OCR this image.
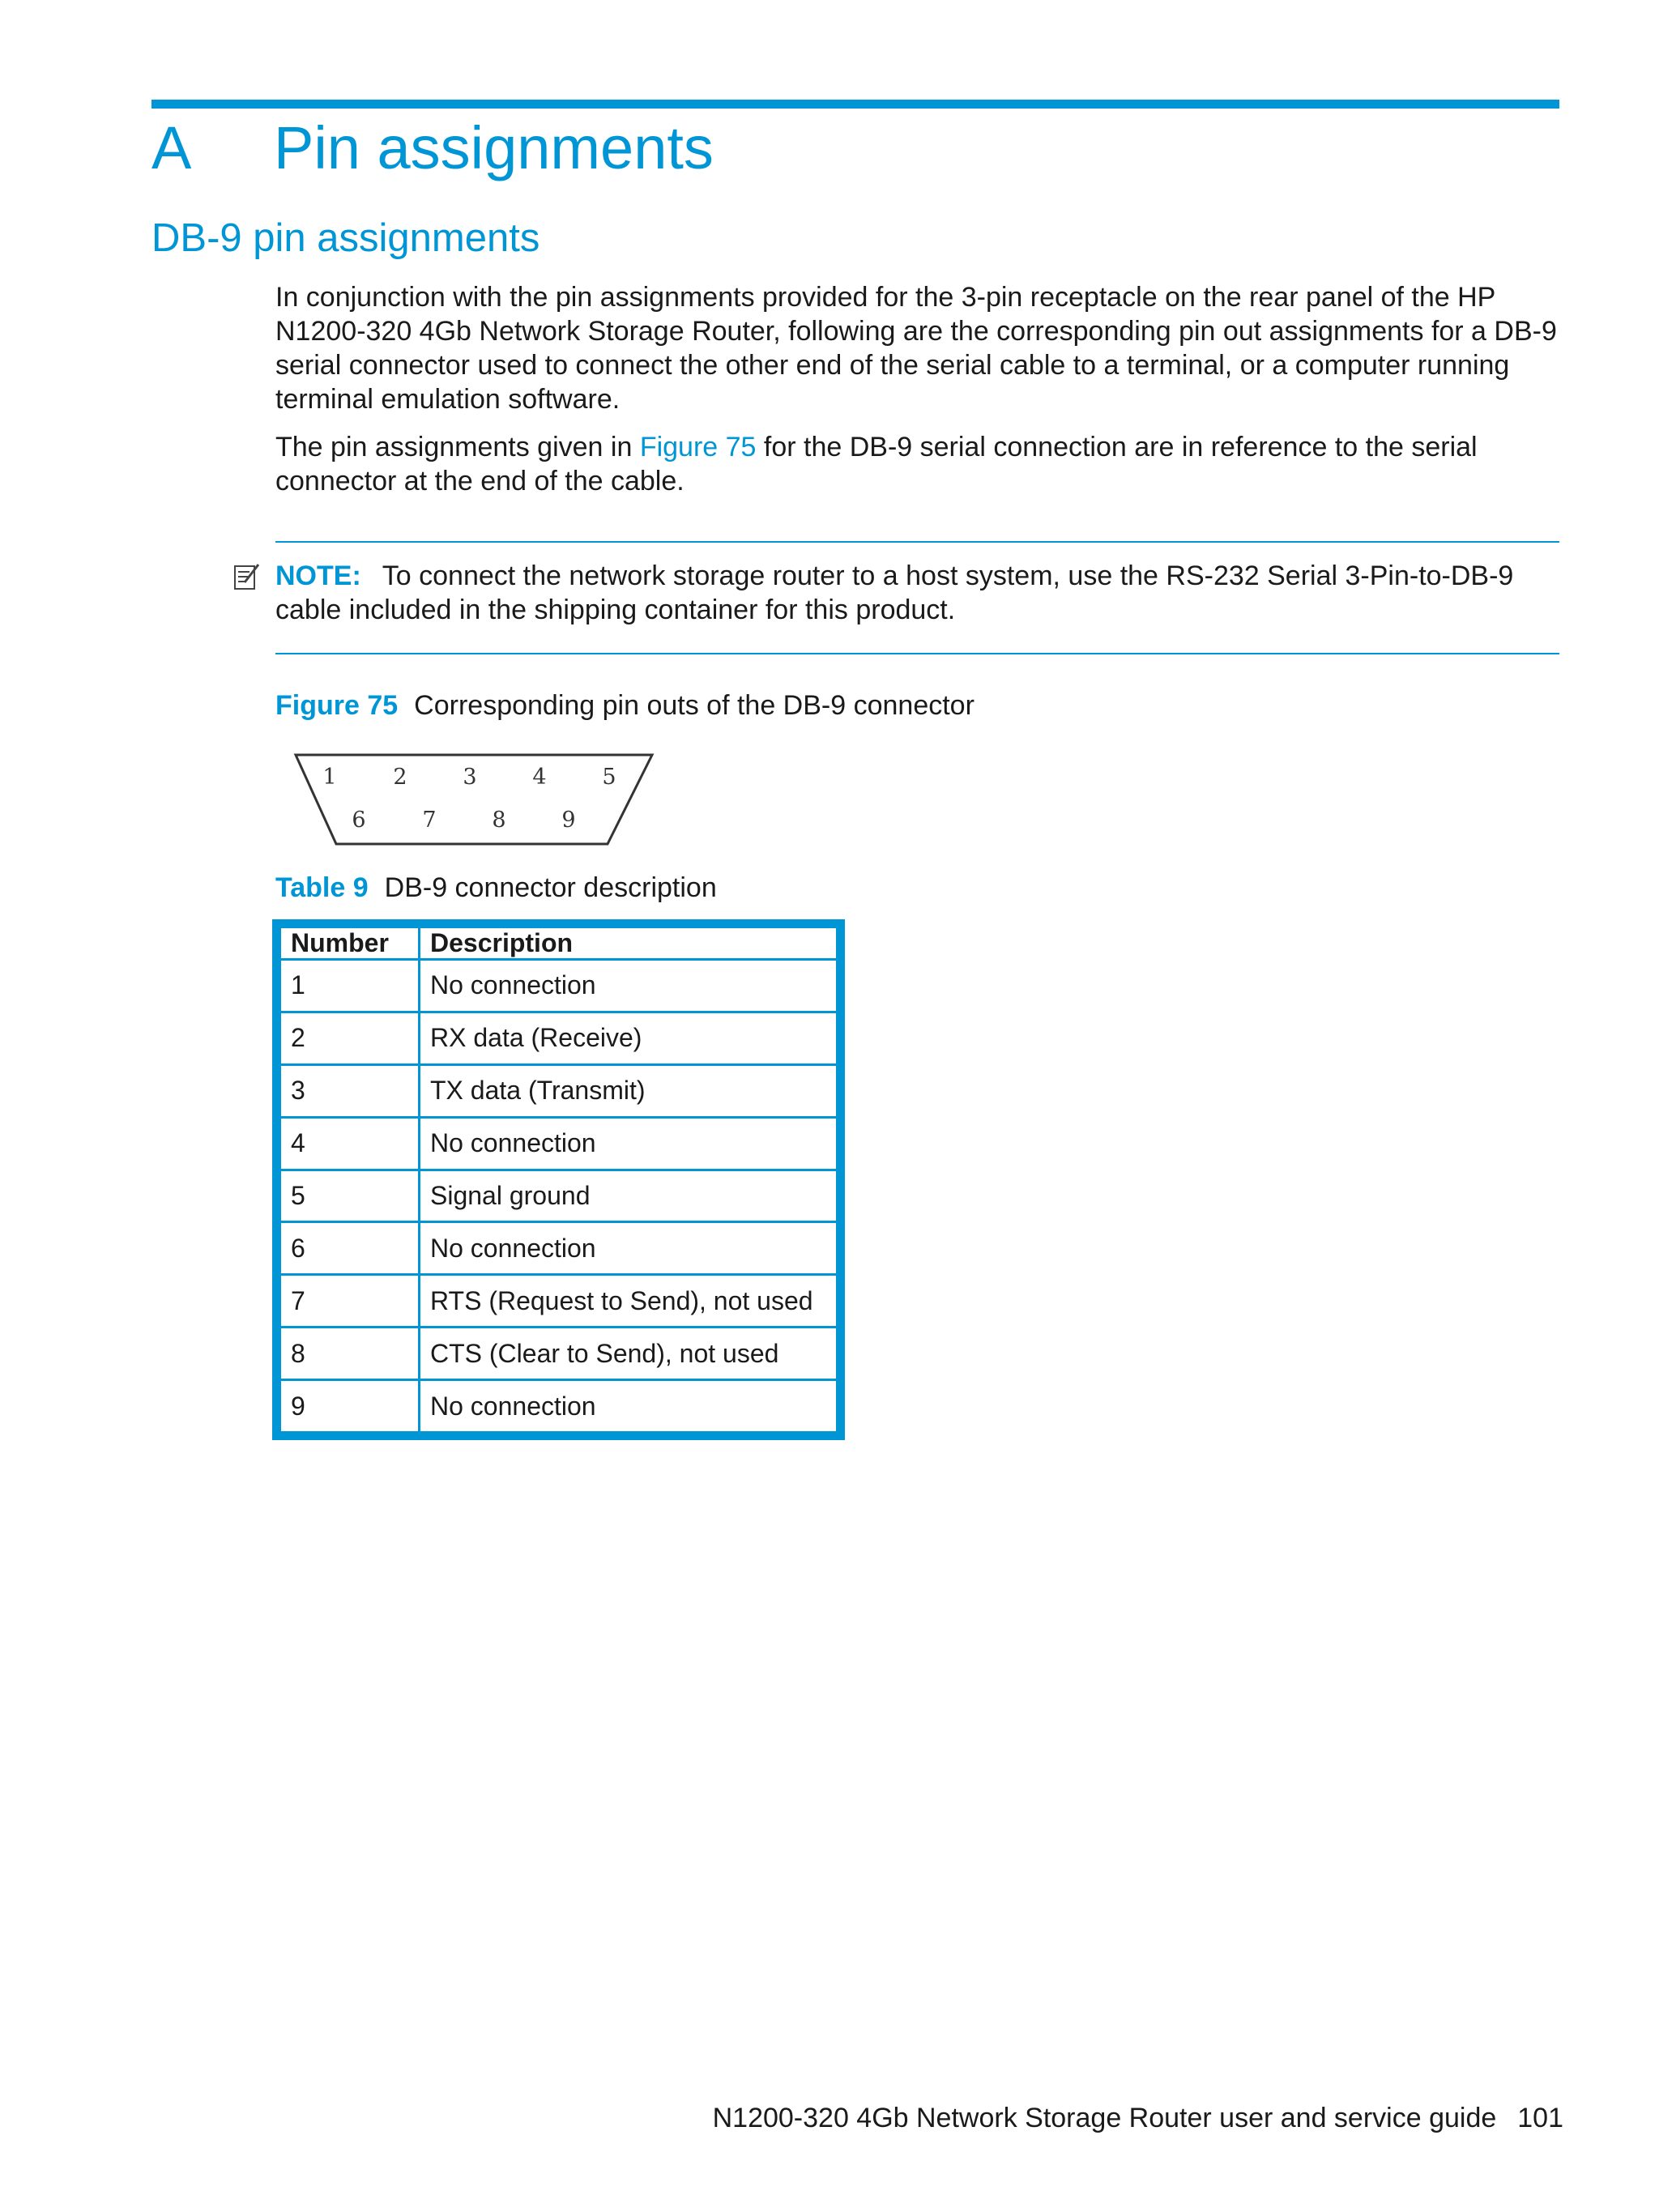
A Pin assignments
DB-9 pin assignments
In conjunction with the pin assignments provided for the 3-pin receptacle on the rear panel of the HP N1200-320 4Gb Network Storage Router, following are the corresponding pin out assignments for a DB-9 serial connector used to connect the other end of the serial cable to a terminal, or a computer running terminal emulation software.
The pin assignments given in Figure 75 for the DB-9 serial connection are in reference to the serial connector at the end of the cable.
NOTE: To connect the network storage router to a host system, use the RS-232 Serial 3-Pin-to-DB-9 cable included in the shipping container for this product.
Figure 75 Corresponding pin outs of the DB-9 connector
1	2	3	4	5
6	7	8	9
Table 9 DB-9 connector description
Number	Description
1	No connection
2	RX data (Receive)
3	TX data (Transmit)
4	No connection
5	Signal ground
6	No connection
7	RTS (Request to Send), not used
8	CTS (Clear to Send), not used
9	No connection
N1200-320 4Gb Network Storage Router user and service guide 101
